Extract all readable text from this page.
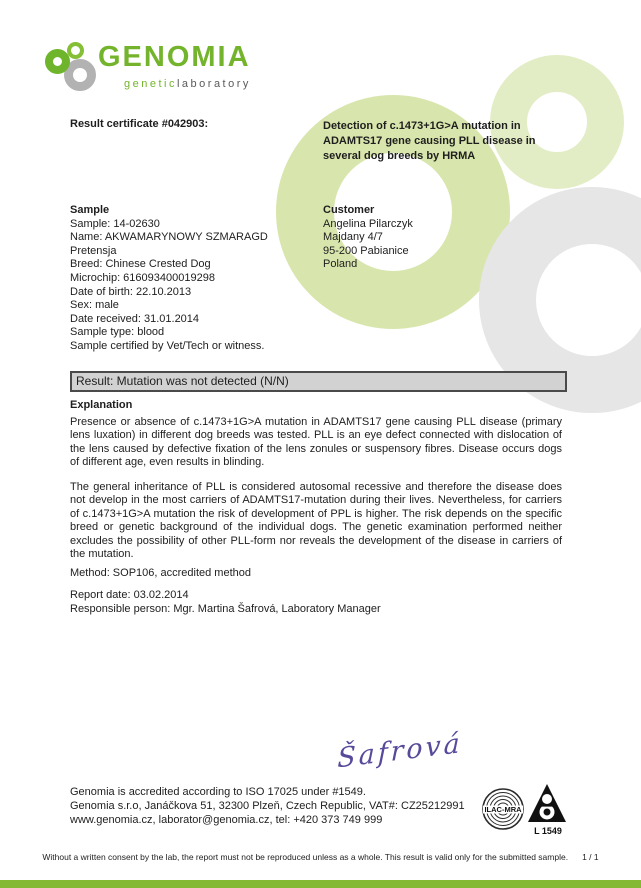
GENOMIA
geneticlaboratory
Result certificate #042903:	Detection of c.1473+1G>A mutation in ADAMTS17 gene causing PLL disease in several dog breeds by HRMA
Sample
Sample: 14-02630
Name: AKWAMARYNOWY SZMARAGD Pretensja
Breed: Chinese Crested Dog
Microchip: 616093400019298
Date of birth: 22.10.2013
Sex: male
Date received: 31.01.2014
Sample type: blood
Sample certified by Vet/Tech or witness.
Customer
Angelina Pilarczyk
Majdany 4/7
95-200 Pabianice
Poland
Result: Mutation was not detected (N/N)
Explanation
Presence or absence of c.1473+1G>A mutation in ADAMTS17 gene causing PLL disease (primary lens luxation) in different dog breeds was tested. PLL is an eye defect connected with dislocation of the lens caused by defective fixation of the lens zonules or suspensory fibres. Disease occurs dogs of different age, even results in blinding.
The general inheritance of PLL is considered autosomal recessive and therefore the disease does not develop in the most carriers of ADAMTS17-mutation during their lives. Nevertheless, for carriers of c.1473+1G>A mutation the risk of development of PPL is higher. The risk depends on the specific breed or genetic background of the individual dogs. The genetic examination performed neither excludes the possibility of other PLL-form nor reveals the development of the disease in carriers of the mutation.
Method: SOP106, accredited method
Report date: 03.02.2014
Responsible person: Mgr. Martina Šafrová, Laboratory Manager
Šafrová
Genomia is accredited according to ISO 17025 under #1549.
Genomia s.r.o, Janáčkova 51, 32300 Plzeň, Czech Republic, VAT#: CZ25212991
www.genomia.cz, laborator@genomia.cz, tel: +420 373 749 999
ILAC-MRA
L 1549
Without a written consent by the lab, the report must not be reproduced unless as a whole. This result is valid only for the submitted sample. 1 / 1
